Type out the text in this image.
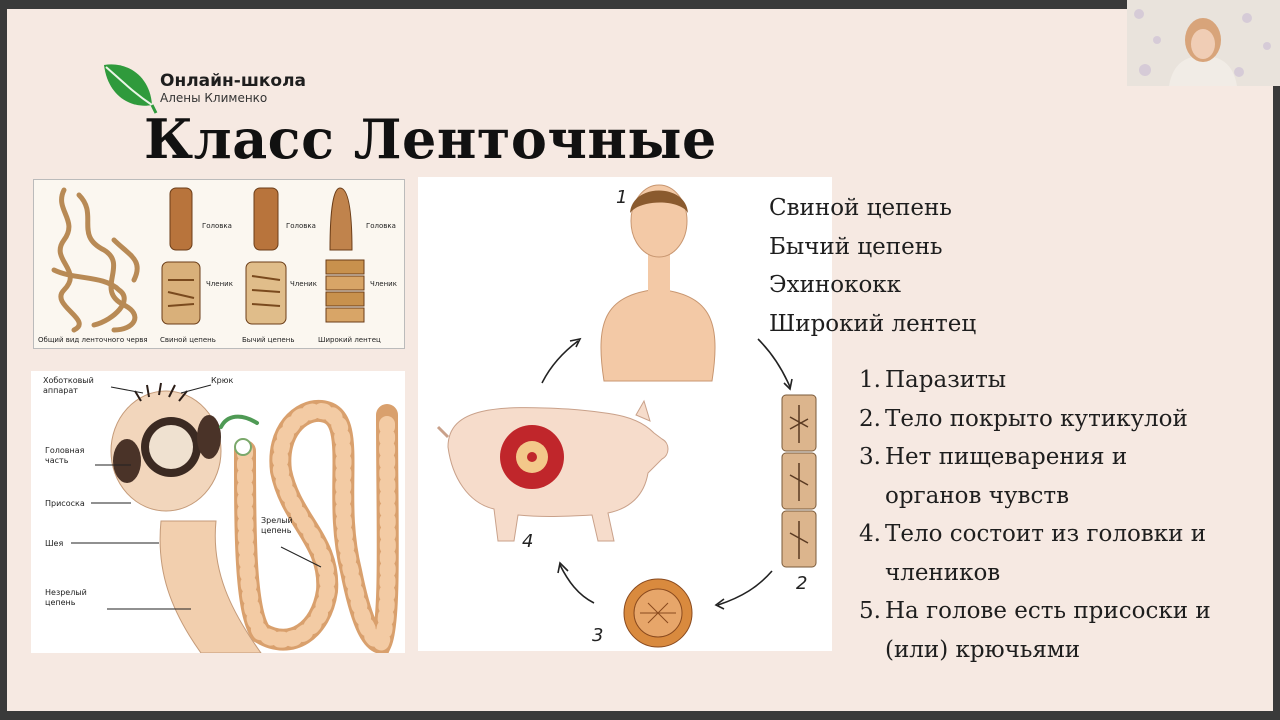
Онлайн-школа
Алены Клименко
Класс Ленточные
Головка	Головка	Головка
Членик	Членик	Членик
Общий вид ленточного червя Свиной цепень	Бычий цепень	Широкий лентец
Хоботковый
аппарат
Крюк
Головная
часть
Присоска
Шея
Незрелый
цепень
Зрелый
цепень
1
2
3
4
Свиной цепень
Бычий цепень
Эхинококк
Широкий лентец
1. Паразиты
2. Тело покрыто кутикулой
3. Нет пищеварения и
органов чувств
4. Тело состоит из головки и
члеников
5. На голове есть присоски и
(или) крючьями
